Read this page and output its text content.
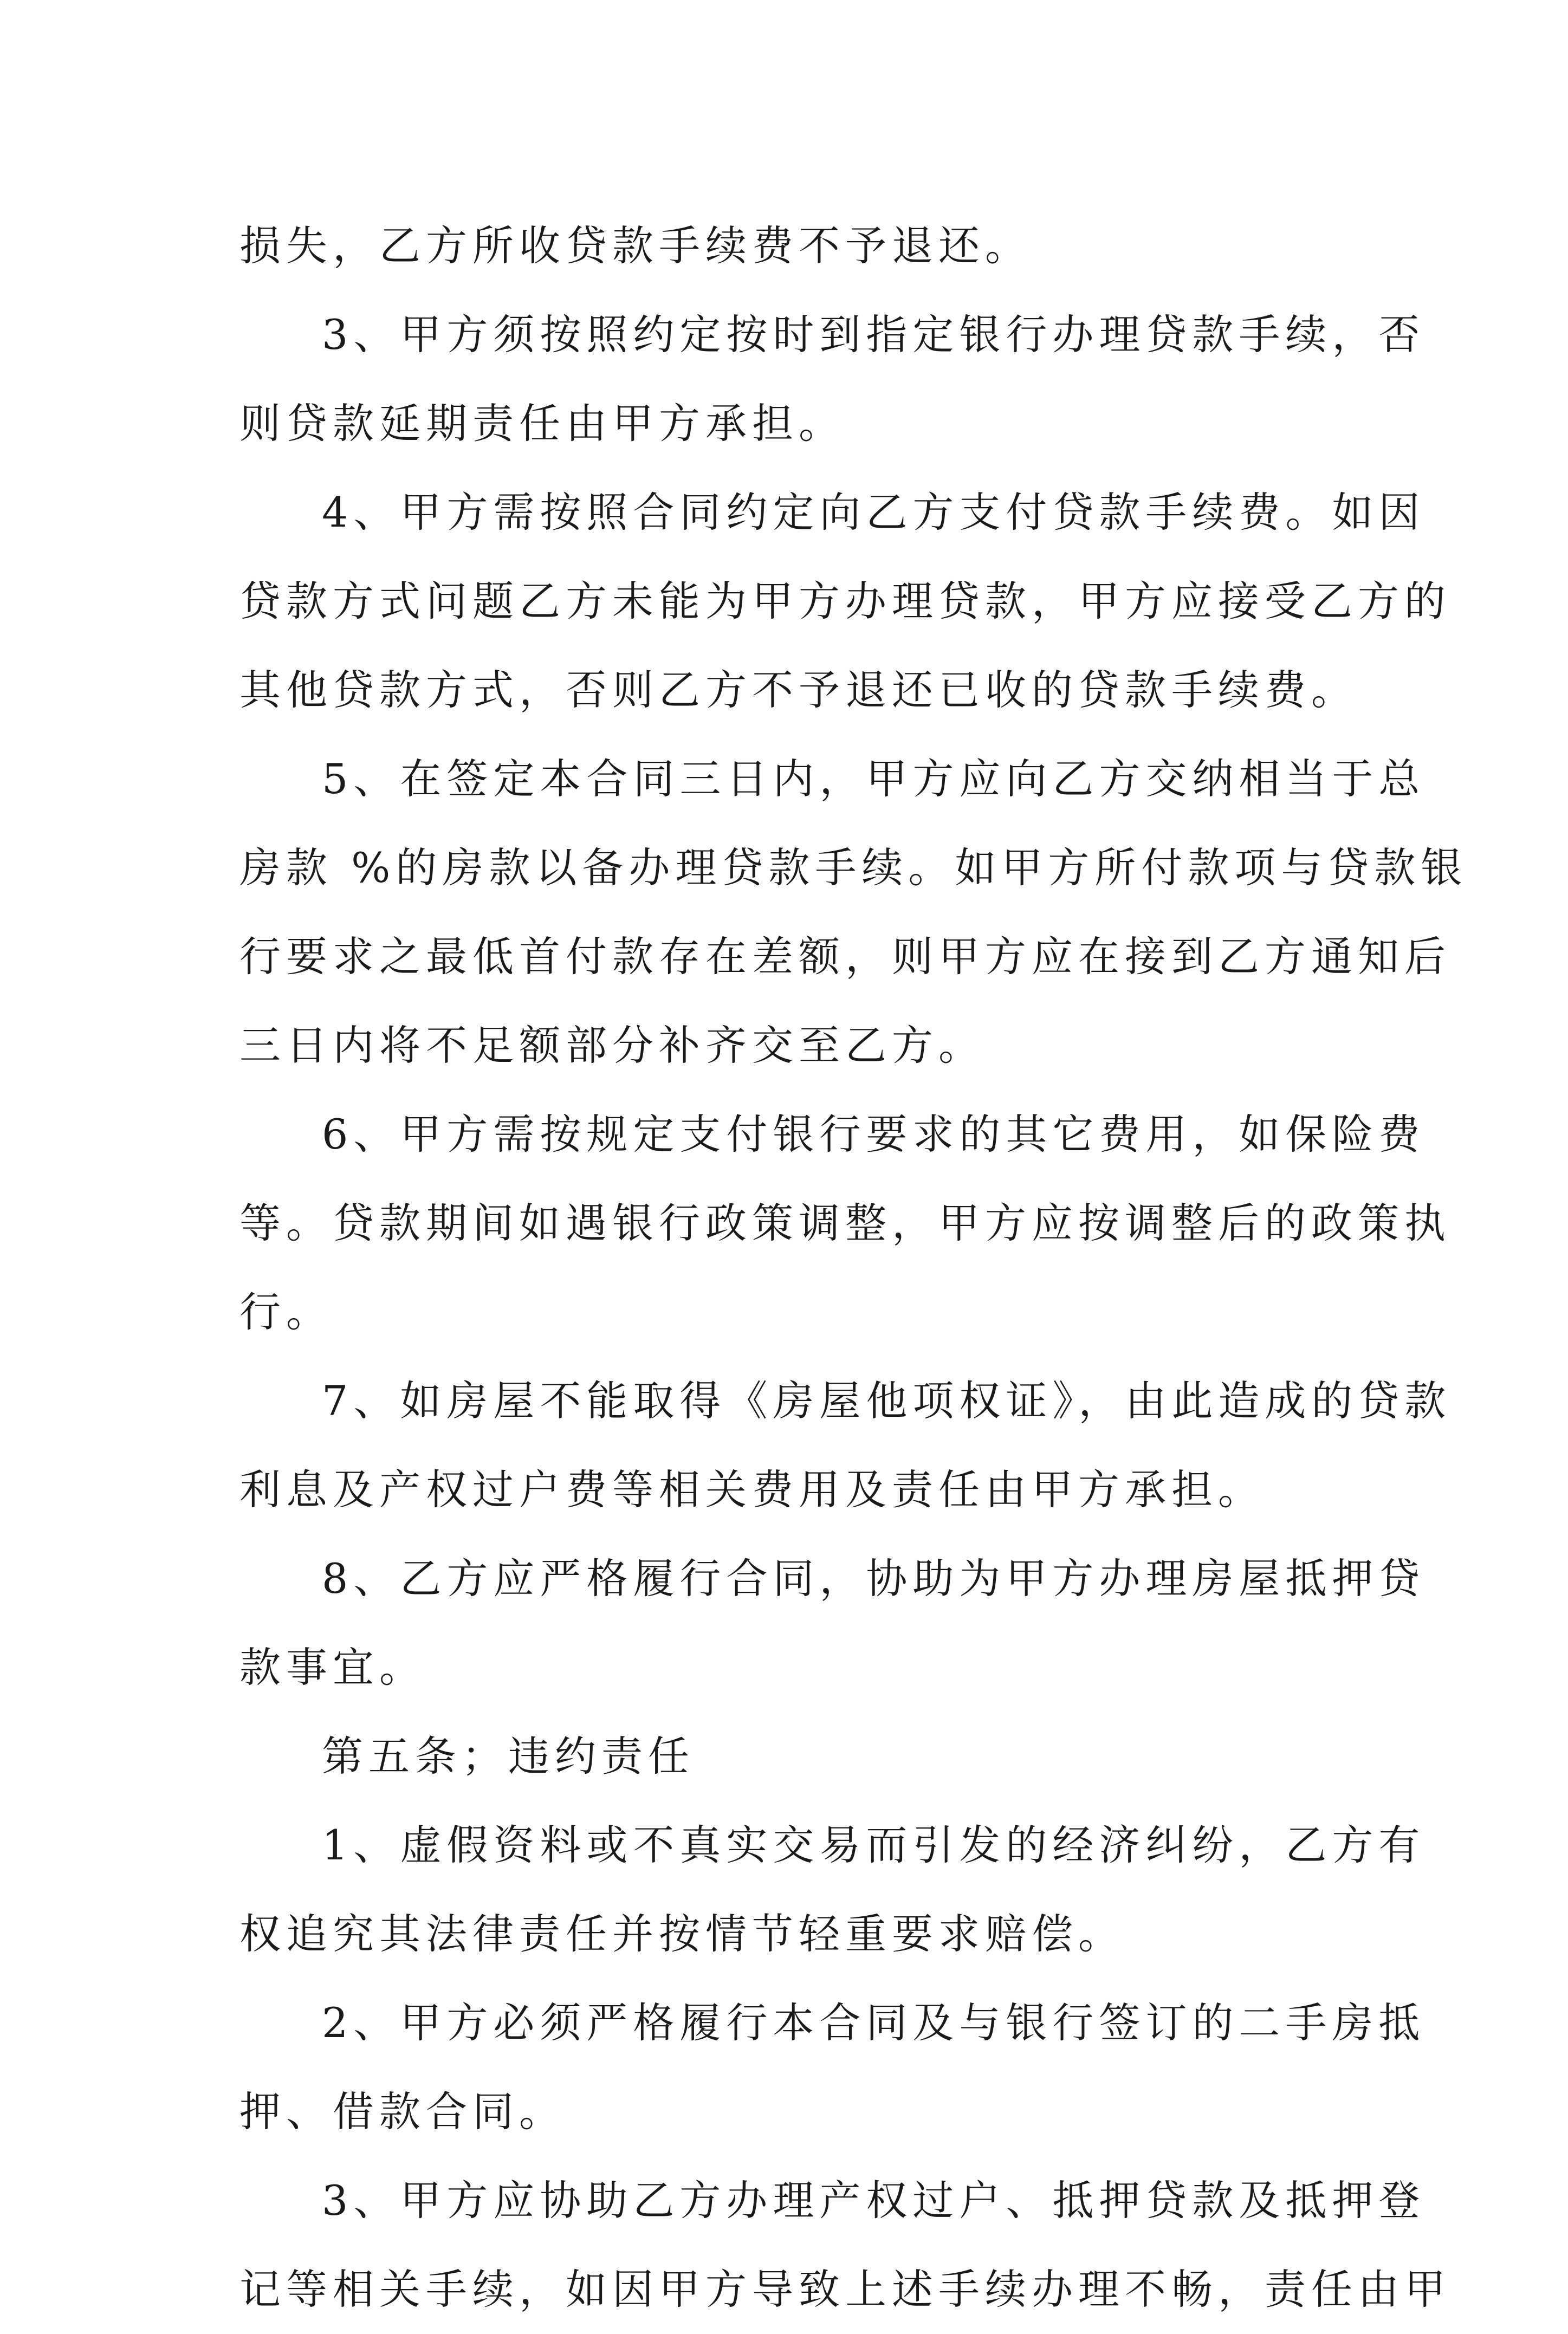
损失，乙方所收贷款手续费不予退还。
3、甲方须按照约定按时到指定银行办理贷款手续，否
则贷款延期责任由甲方承担。
4、甲方需按照合同约定向乙方支付贷款手续费。如因
贷款方式问题乙方未能为甲方办理贷款，甲方应接受乙方的
其他贷款方式，否则乙方不予退还已收的贷款手续费。
5、在签定本合同三日内，甲方应向乙方交纳相当于总
房款 %的房款以备办理贷款手续。如甲方所付款项与贷款银
行要求之最低首付款存在差额，则甲方应在接到乙方通知后
三日内将不足额部分补齐交至乙方。
6、甲方需按规定支付银行要求的其它费用，如保险费
等。贷款期间如遇银行政策调整，甲方应按调整后的政策执
行。
7、如房屋不能取得《房屋他项权证》，由此造成的贷款
利息及产权过户费等相关费用及责任由甲方承担。
8、乙方应严格履行合同，协助为甲方办理房屋抵押贷
款事宜。
第五条；违约责任
1、虚假资料或不真实交易而引发的经济纠纷，乙方有
权追究其法律责任并按情节轻重要求赔偿。
2、甲方必须严格履行本合同及与银行签订的二手房抵
押、借款合同。
3、甲方应协助乙方办理产权过户、抵押贷款及抵押登
记等相关手续，如因甲方导致上述手续办理不畅，责任由甲
